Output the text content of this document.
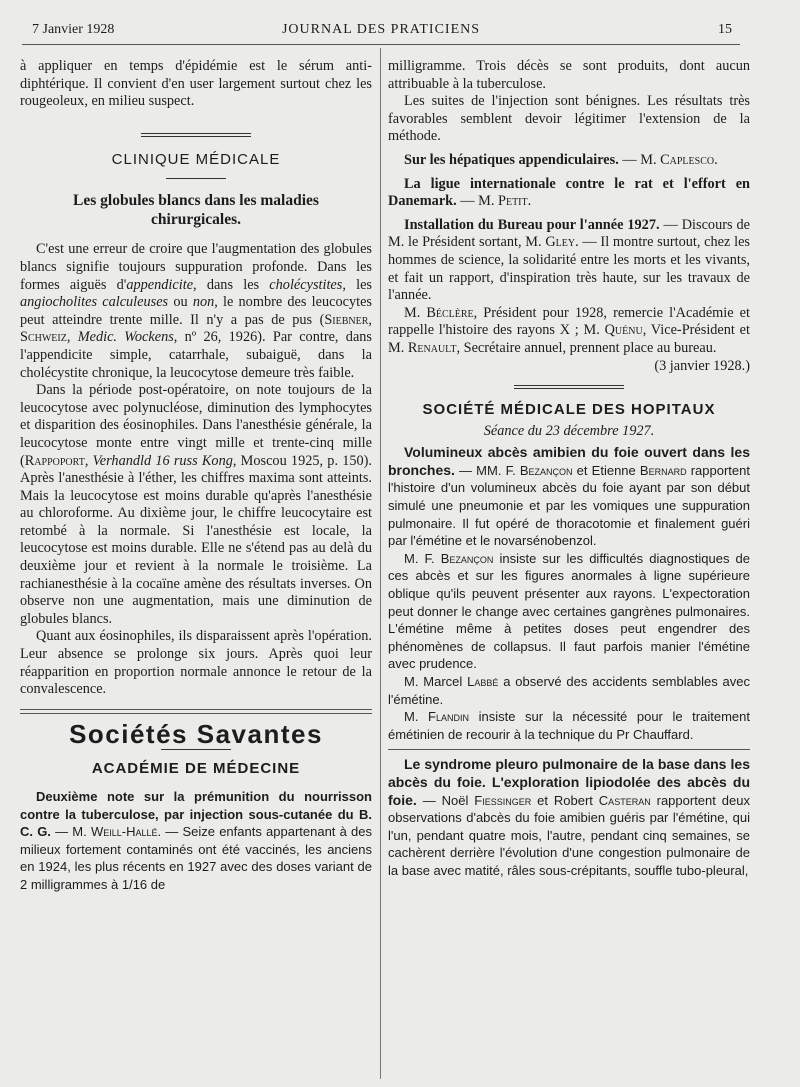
7 Janvier 1928	JOURNAL DES PRATICIENS	15

à appliquer en temps d'épidémie est le sérum anti-diphtérique. Il convient d'en user largement surtout chez les rougeoleux, en milieu suspect.

CLINIQUE MÉDICALE
Les globules blancs dans les maladies chirurgicales.

C'est une erreur de croire que l'augmentation des globules blancs signifie toujours suppuration profonde. Dans les formes aiguës d'appendicite, dans les cholécystites, les angiocholites calculeuses ou non, le nombre des leucocytes peut atteindre trente mille. Il n'y a pas de pus (Siebner, Schweiz, Medic. Wockens, nº 26, 1926). Par contre, dans l'appendicite simple, catarrhale, subaiguë, dans la cholécystite chronique, la leucocytose demeure très faible.

Dans la période post-opératoire, on note toujours de la leucocytose avec polynucléose, diminution des lymphocytes et disparition des éosinophiles. Dans l'anesthésie générale, la leucocytose monte entre vingt mille et trente-cinq mille (Rappoport, Verhandld 16 russ Kong, Moscou 1925, p. 150). Après l'anesthésie à l'éther, les chiffres maxima sont atteints. Mais la leucocytose est moins durable qu'après l'anesthésie au chloroforme. Au dixième jour, le chiffre leucocytaire est retombé à la normale. Si l'anesthésie est locale, la leucocytose est moins durable. Elle ne s'étend pas au delà du deuxième jour et revient à la normale le troisième. La rachianesthésie à la cocaïne amène des résultats inverses. On observe non une augmentation, mais une diminution de globules blancs.

Quant aux éosinophiles, ils disparaissent après l'opération. Leur absence se prolonge six jours. Après quoi leur réapparition en proportion normale annonce le retour de la convalescence.

Sociétés Savantes
ACADÉMIE DE MÉDECINE

Deuxième note sur la prémunition du nourrisson contre la tuberculose, par injection sous-cutanée du B. C. G. — M. Weill-Hallé. — Seize enfants appartenant à des milieux fortement contaminés ont été vaccinés, les anciens en 1924, les plus récents en 1927 avec des doses variant de 2 milligrammes à 1/16 de

milligramme. Trois décès se sont produits, dont aucun attribuable à la tuberculose.

Les suites de l'injection sont bénignes. Les résultats très favorables semblent devoir légitimer l'extension de la méthode.

Sur les hépatiques appendiculaires. — M. Caplesco.

La ligue internationale contre le rat et l'effort en Danemark. — M. Petit.

Installation du Bureau pour l'année 1927. — Discours de M. le Président sortant, M. Gley. — Il montre surtout, chez les hommes de science, la solidarité entre les morts et les vivants, et fait un rapport, d'inspiration très haute, sur les travaux de l'année.

M. Béclère, Président pour 1928, remercie l'Académie et rappelle l'histoire des rayons X ; M. Quénu, Vice-Président et M. Renault, Secrétaire annuel, prennent place au bureau.

(3 janvier 1928.)

SOCIÉTÉ MÉDICALE DES HOPITAUX
Séance du 23 décembre 1927.

Volumineux abcès amibien du foie ouvert dans les bronches. — MM. F. Bezançon et Etienne Bernard rapportent l'histoire d'un volumineux abcès du foie ayant par son début simulé une pneumonie et par les vomiques une suppuration pulmonaire. Il fut opéré de thoracotomie et finalement guéri par l'émétine et le novarsénobenzol.

M. F. Bezançon insiste sur les difficultés diagnostiques de ces abcès et sur les figures anormales à ligne supérieure oblique qu'ils peuvent présenter aux rayons. L'expectoration peut donner le change avec certaines gangrènes pulmonaires. L'émétine même à petites doses peut engendrer des phénomènes de collapsus. Il faut parfois manier l'émétine avec prudence.

M. Marcel Labbé a observé des accidents semblables avec l'émétine.

M. Flandin insiste sur la nécessité pour le traitement émétinien de recourir à la technique du Pr Chauffard.

Le syndrome pleuro pulmonaire de la base dans les abcès du foie. L'exploration lipiodolée des abcès du foie. — Noël Fiessinger et Robert Casteran rapportent deux observations d'abcès du foie amibien guéris par l'émétine, qui l'un, pendant quatre mois, l'autre, pendant cinq semaines, se cachèrent derrière l'évolution d'une congestion pulmonaire de la base avec matité, râles sous-crépitants, souffle tubo-pleural,
